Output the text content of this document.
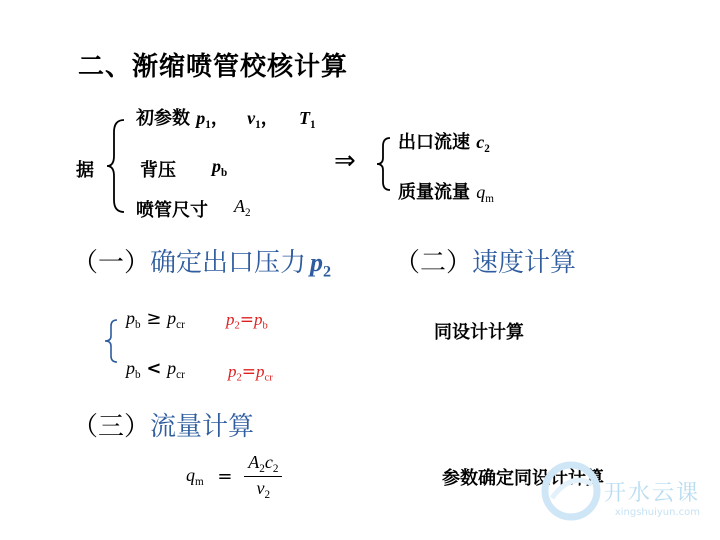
二、渐缩喷管校核计算
据
初参数 $p_1$， $v_1$， $T_1$
背压 $p_b$
喷管尺寸 $A_2$
⇒
出口流速 $c_2$
质量流量 $q_m$
（一）确定出口压力 $p_2$ （二）速度计算
$p_b \ge p_{cr}$ $p_2=p_b$
$p_b < p_{cr}$	$p_2=p_{cr}$
同设计计算
（三）流量计算
$q_m = \frac{A_2c_2}{v_2}$	参数确定同设计计算
开水云课
xingshuiyun.com
